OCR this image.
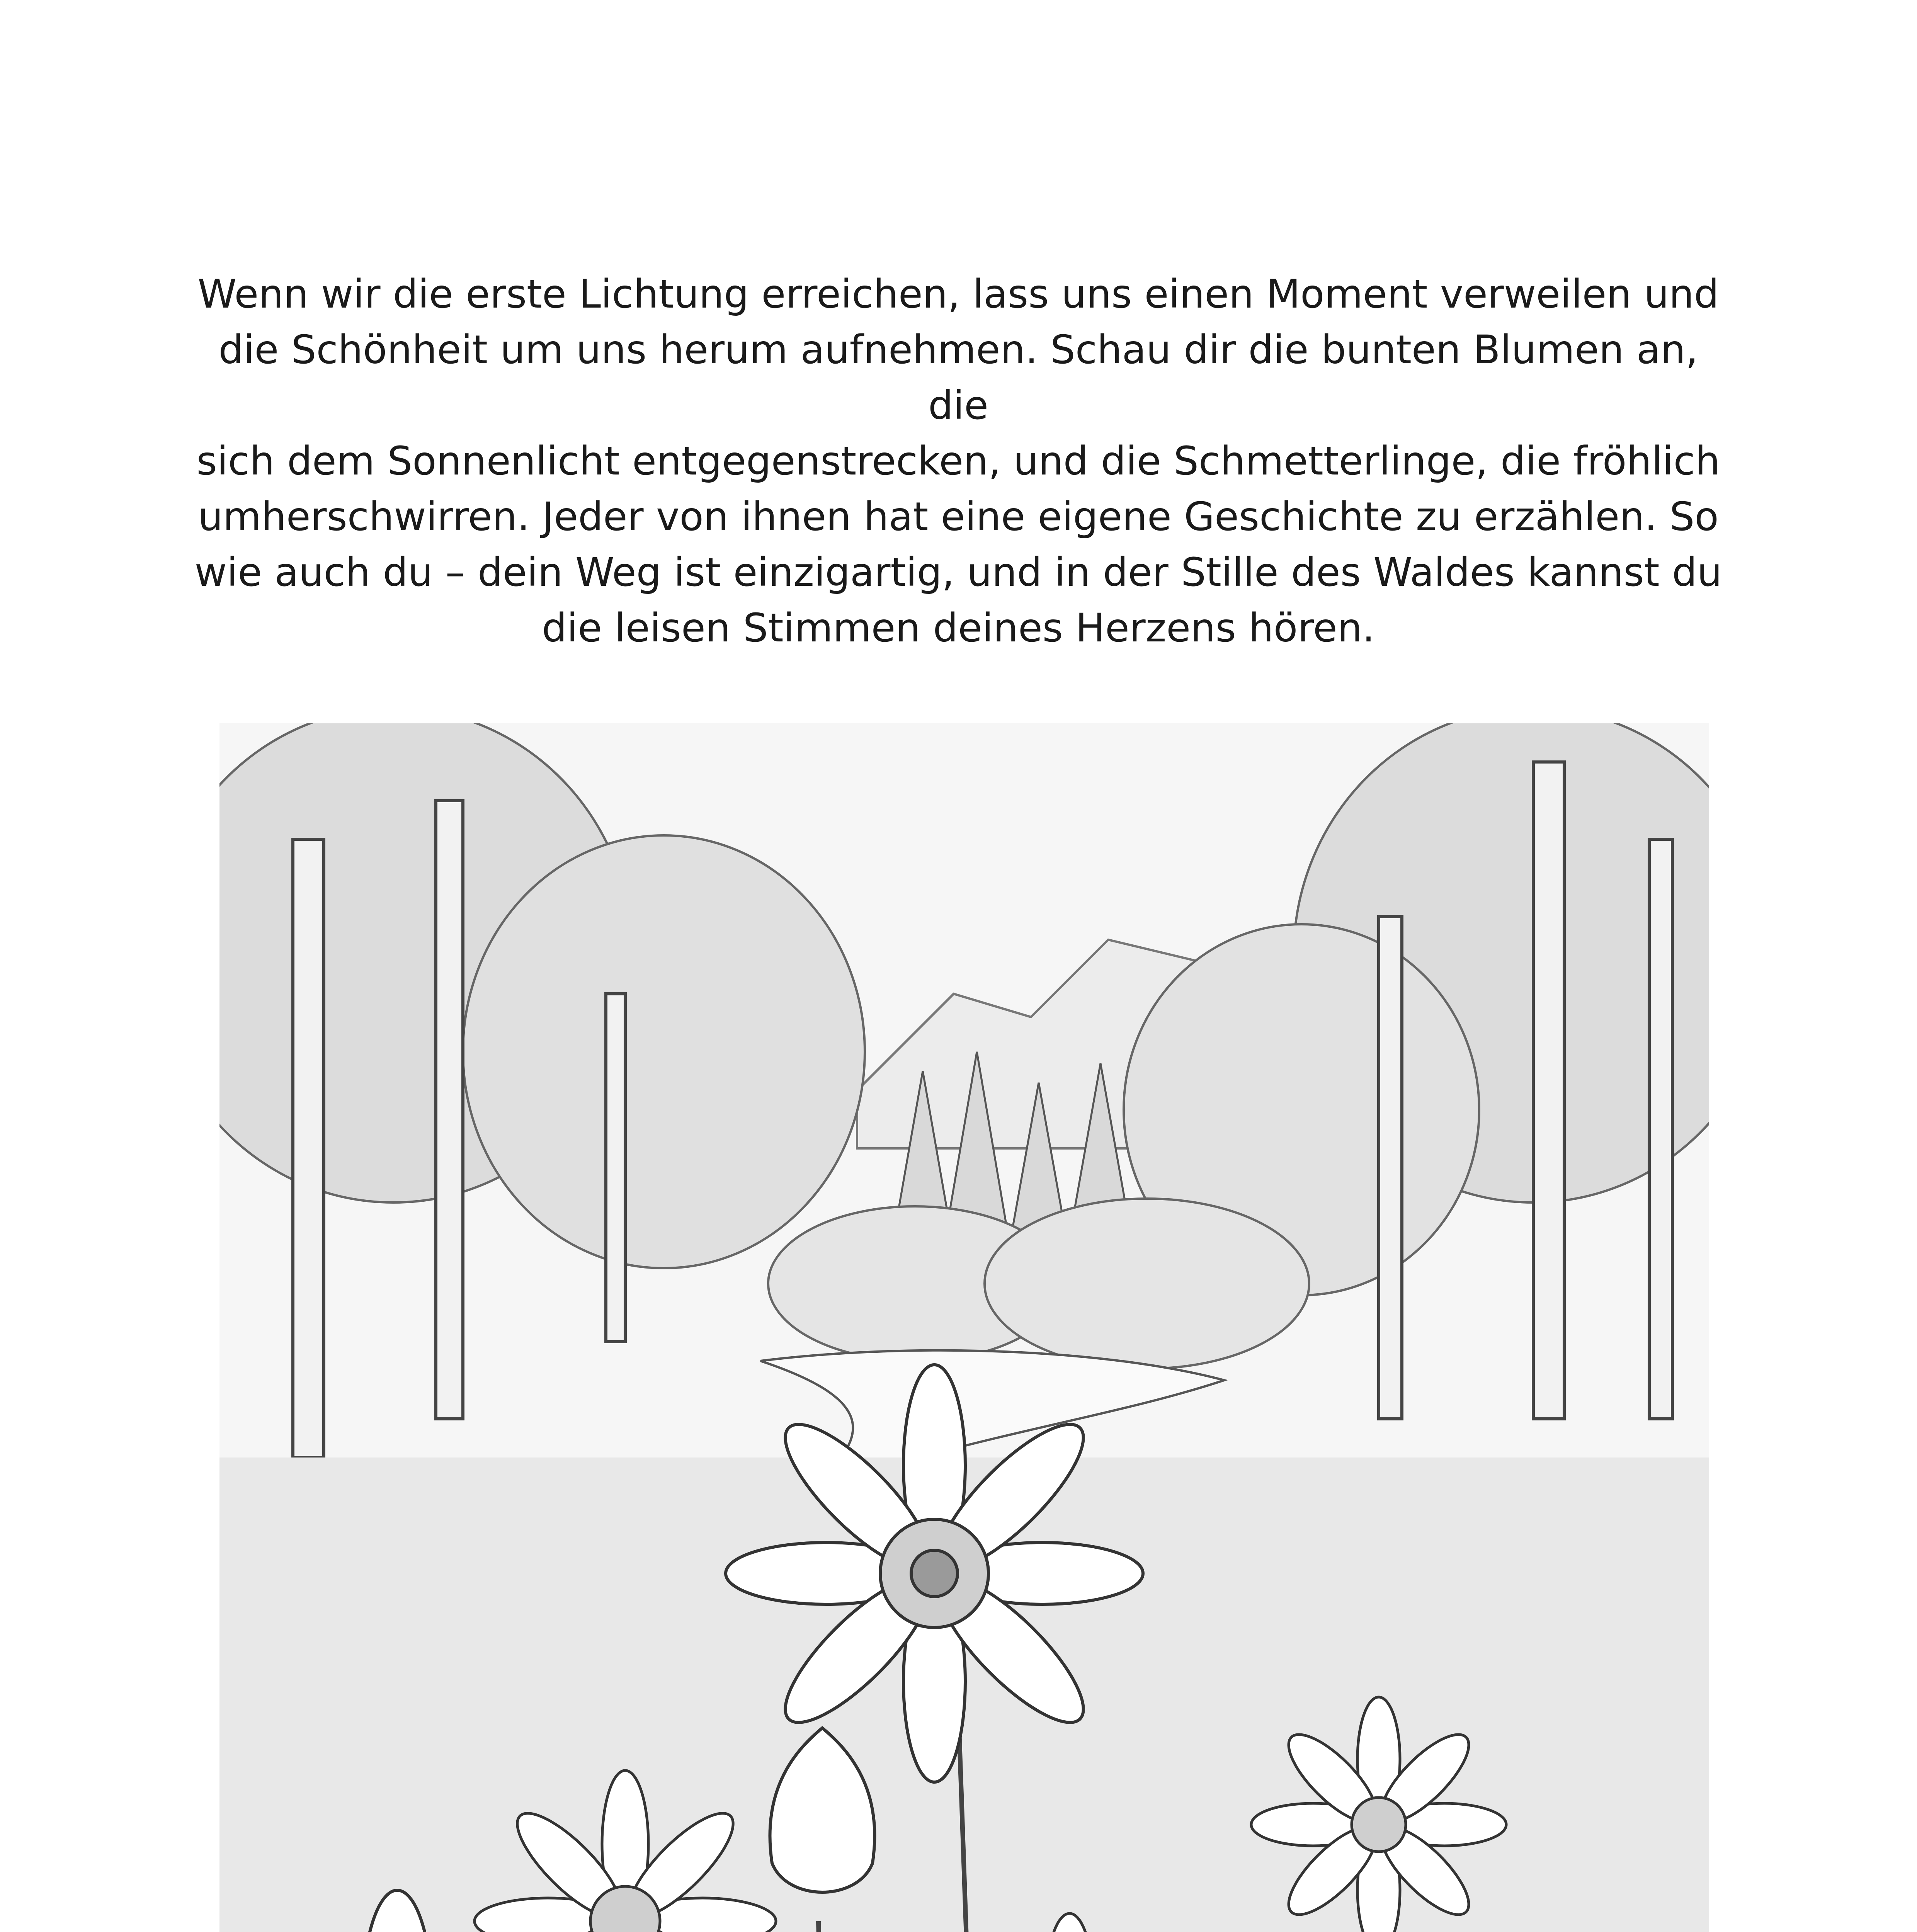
Wenn wir die erste Lichtung erreichen, lass uns einen Moment verweilen und

die Schönheit um uns herum aufnehmen. Schau dir die bunten Blumen an, die

sich dem Sonnenlicht entgegenstrecken, und die Schmetterlinge, die fröhlich

umherschwirren. Jeder von ihnen hat eine eigene Geschichte zu erzählen. So

wie auch du – dein Weg ist einzigartig, und in der Stille des Waldes kannst du

die leisen Stimmen deines Herzens hören.
